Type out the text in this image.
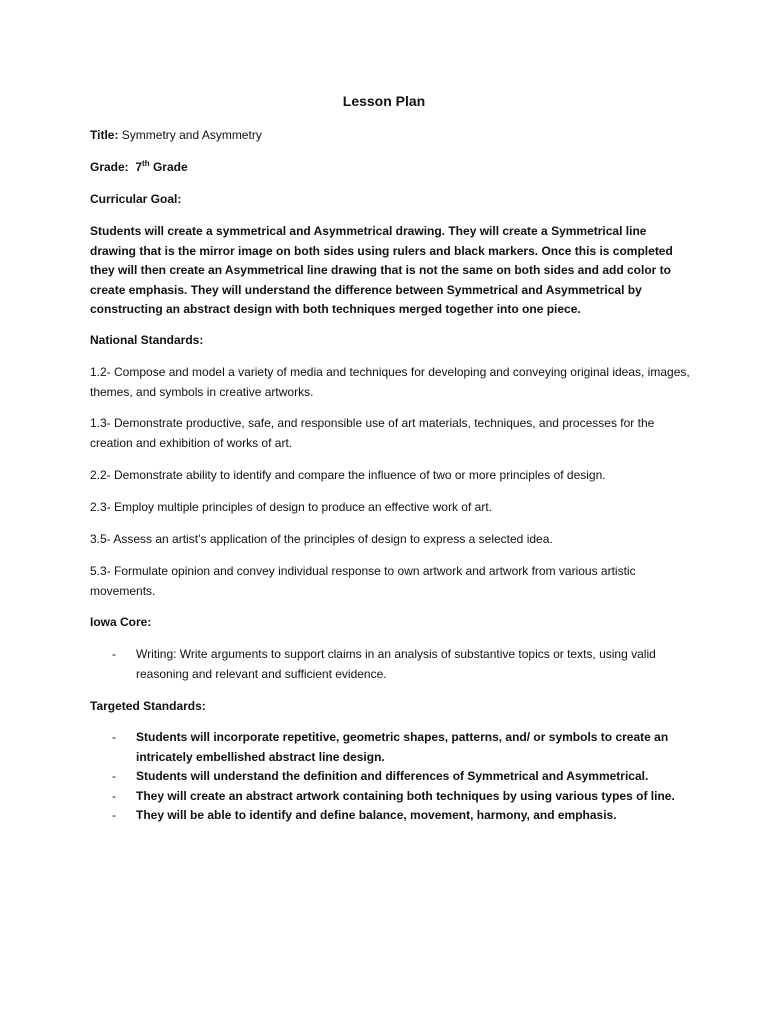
Lesson Plan

Title: Symmetry and Asymmetry

Grade: 7th Grade

Curricular Goal:

Students will create a symmetrical and Asymmetrical drawing. They will create a Symmetrical line drawing that is the mirror image on both sides using rulers and black markers. Once this is completed they will then create an Asymmetrical line drawing that is not the same on both sides and add color to create emphasis. They will understand the difference between Symmetrical and Asymmetrical by constructing an abstract design with both techniques merged together into one piece.

National Standards:

1.2- Compose and model a variety of media and techniques for developing and conveying original ideas, images, themes, and symbols in creative artworks.

1.3- Demonstrate productive, safe, and responsible use of art materials, techniques, and processes for the creation and exhibition of works of art.

2.2- Demonstrate ability to identify and compare the influence of two or more principles of design.

2.3- Employ multiple principles of design to produce an effective work of art.

3.5- Assess an artist’s application of the principles of design to express a selected idea.

5.3- Formulate opinion and convey individual response to own artwork and artwork from various artistic movements.

Iowa Core:

- Writing: Write arguments to support claims in an analysis of substantive topics or texts, using valid reasoning and relevant and sufficient evidence.

Targeted Standards:

- Students will incorporate repetitive, geometric shapes, patterns, and/ or symbols to create an intricately embellished abstract line design.
- Students will understand the definition and differences of Symmetrical and Asymmetrical.
- They will create an abstract artwork containing both techniques by using various types of line.
- They will be able to identify and define balance, movement, harmony, and emphasis.
